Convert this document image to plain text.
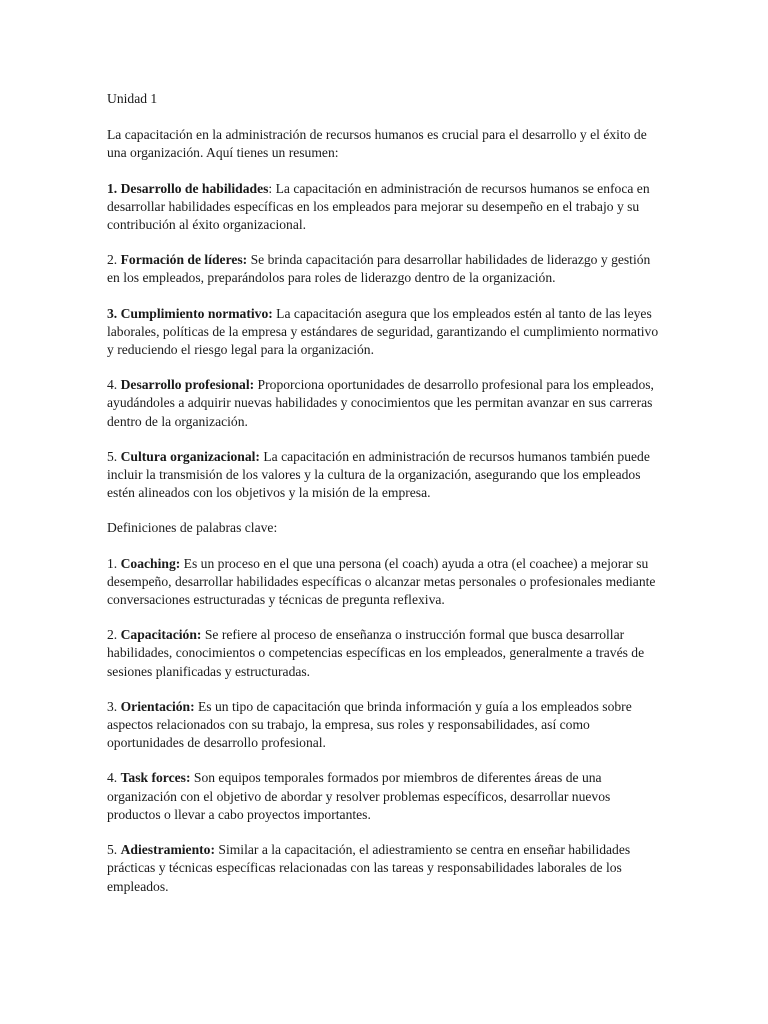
Unidad 1

La capacitación en la administración de recursos humanos es crucial para el desarrollo y el éxito de una organización. Aquí tienes un resumen:

1. Desarrollo de habilidades: La capacitación en administración de recursos humanos se enfoca en desarrollar habilidades específicas en los empleados para mejorar su desempeño en el trabajo y su contribución al éxito organizacional.

2. Formación de líderes: Se brinda capacitación para desarrollar habilidades de liderazgo y gestión en los empleados, preparándolos para roles de liderazgo dentro de la organización.

3. Cumplimiento normativo: La capacitación asegura que los empleados estén al tanto de las leyes laborales, políticas de la empresa y estándares de seguridad, garantizando el cumplimiento normativo y reduciendo el riesgo legal para la organización.

4. Desarrollo profesional: Proporciona oportunidades de desarrollo profesional para los empleados, ayudándoles a adquirir nuevas habilidades y conocimientos que les permitan avanzar en sus carreras dentro de la organización.

5. Cultura organizacional: La capacitación en administración de recursos humanos también puede incluir la transmisión de los valores y la cultura de la organización, asegurando que los empleados estén alineados con los objetivos y la misión de la empresa.

Definiciones de palabras clave:

1. Coaching: Es un proceso en el que una persona (el coach) ayuda a otra (el coachee) a mejorar su desempeño, desarrollar habilidades específicas o alcanzar metas personales o profesionales mediante conversaciones estructuradas y técnicas de pregunta reflexiva.

2. Capacitación: Se refiere al proceso de enseñanza o instrucción formal que busca desarrollar habilidades, conocimientos o competencias específicas en los empleados, generalmente a través de sesiones planificadas y estructuradas.

3. Orientación: Es un tipo de capacitación que brinda información y guía a los empleados sobre aspectos relacionados con su trabajo, la empresa, sus roles y responsabilidades, así como oportunidades de desarrollo profesional.

4. Task forces: Son equipos temporales formados por miembros de diferentes áreas de una organización con el objetivo de abordar y resolver problemas específicos, desarrollar nuevos productos o llevar a cabo proyectos importantes.

5. Adiestramiento: Similar a la capacitación, el adiestramiento se centra en enseñar habilidades prácticas y técnicas específicas relacionadas con las tareas y responsabilidades laborales de los empleados.
